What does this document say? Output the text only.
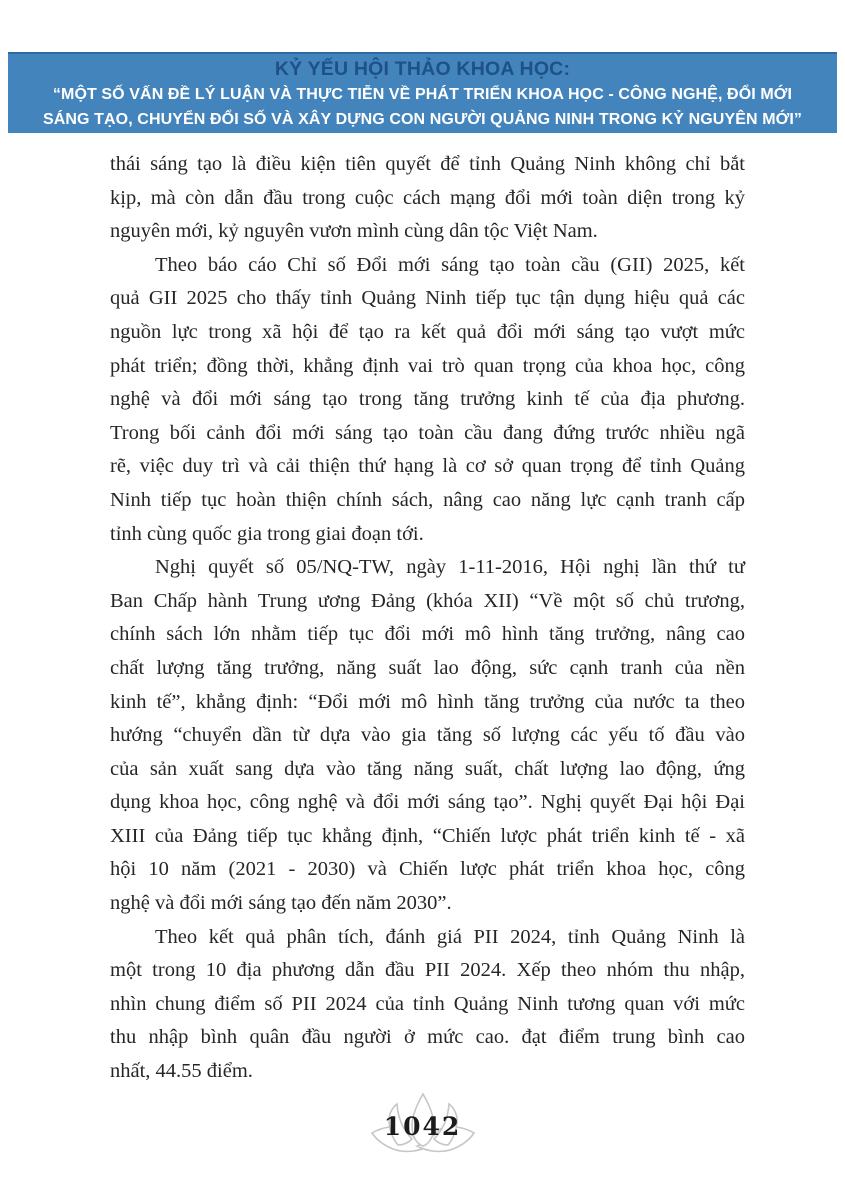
KỶ YẾU HỘI THẢO KHOA HỌC:
“MỘT SỐ VẤN ĐỀ LÝ LUẬN VÀ THỰC TIỄN VỀ PHÁT TRIỂN KHOA HỌC - CÔNG NGHỆ, ĐỔI MỚI
SÁNG TẠO, CHUYỂN ĐỔI SỐ VÀ XÂY DỰNG CON NGƯỜI QUẢNG NINH TRONG KỶ NGUYÊN MỚI”
thái sáng tạo là điều kiện tiên quyết để tỉnh Quảng Ninh không chỉ bắt
kịp, mà còn dẫn đầu trong cuộc cách mạng đổi mới toàn diện trong kỷ
nguyên mới, kỷ nguyên vươn mình cùng dân tộc Việt Nam.
Theo báo cáo Chỉ số Đổi mới sáng tạo toàn cầu (GII) 2025, kết
quả GII 2025 cho thấy tỉnh Quảng Ninh tiếp tục tận dụng hiệu quả các
nguồn lực trong xã hội để tạo ra kết quả đổi mới sáng tạo vượt mức
phát triển; đồng thời, khẳng định vai trò quan trọng của khoa học, công
nghệ và đổi mới sáng tạo trong tăng trưởng kinh tế của địa phương.
Trong bối cảnh đổi mới sáng tạo toàn cầu đang đứng trước nhiều ngã
rẽ, việc duy trì và cải thiện thứ hạng là cơ sở quan trọng để tỉnh Quảng
Ninh tiếp tục hoàn thiện chính sách, nâng cao năng lực cạnh tranh cấp
tỉnh cùng quốc gia trong giai đoạn tới.
Nghị quyết số 05/NQ-TW, ngày 1-11-2016, Hội nghị lần thứ tư
Ban Chấp hành Trung ương Đảng (khóa XII) “Về một số chủ trương,
chính sách lớn nhằm tiếp tục đổi mới mô hình tăng trưởng, nâng cao
chất lượng tăng trưởng, năng suất lao động, sức cạnh tranh của nền
kinh tế”, khẳng định: “Đổi mới mô hình tăng trưởng của nước ta theo
hướng “chuyển dần từ dựa vào gia tăng số lượng các yếu tố đầu vào
của sản xuất sang dựa vào tăng năng suất, chất lượng lao động, ứng
dụng khoa học, công nghệ và đổi mới sáng tạo”. Nghị quyết Đại hội Đại
XIII của Đảng tiếp tục khẳng định, “Chiến lược phát triển kinh tế - xã
hội 10 năm (2021 - 2030) và Chiến lược phát triển khoa học, công
nghệ và đổi mới sáng tạo đến năm 2030”.
Theo kết quả phân tích, đánh giá PII 2024, tỉnh Quảng Ninh là
một trong 10 địa phương dẫn đầu PII 2024. Xếp theo nhóm thu nhập,
nhìn chung điểm số PII 2024 của tỉnh Quảng Ninh tương quan với mức
thu nhập bình quân đầu người ở mức cao. đạt điểm trung bình cao
nhất, 44.55 điểm.
1042
